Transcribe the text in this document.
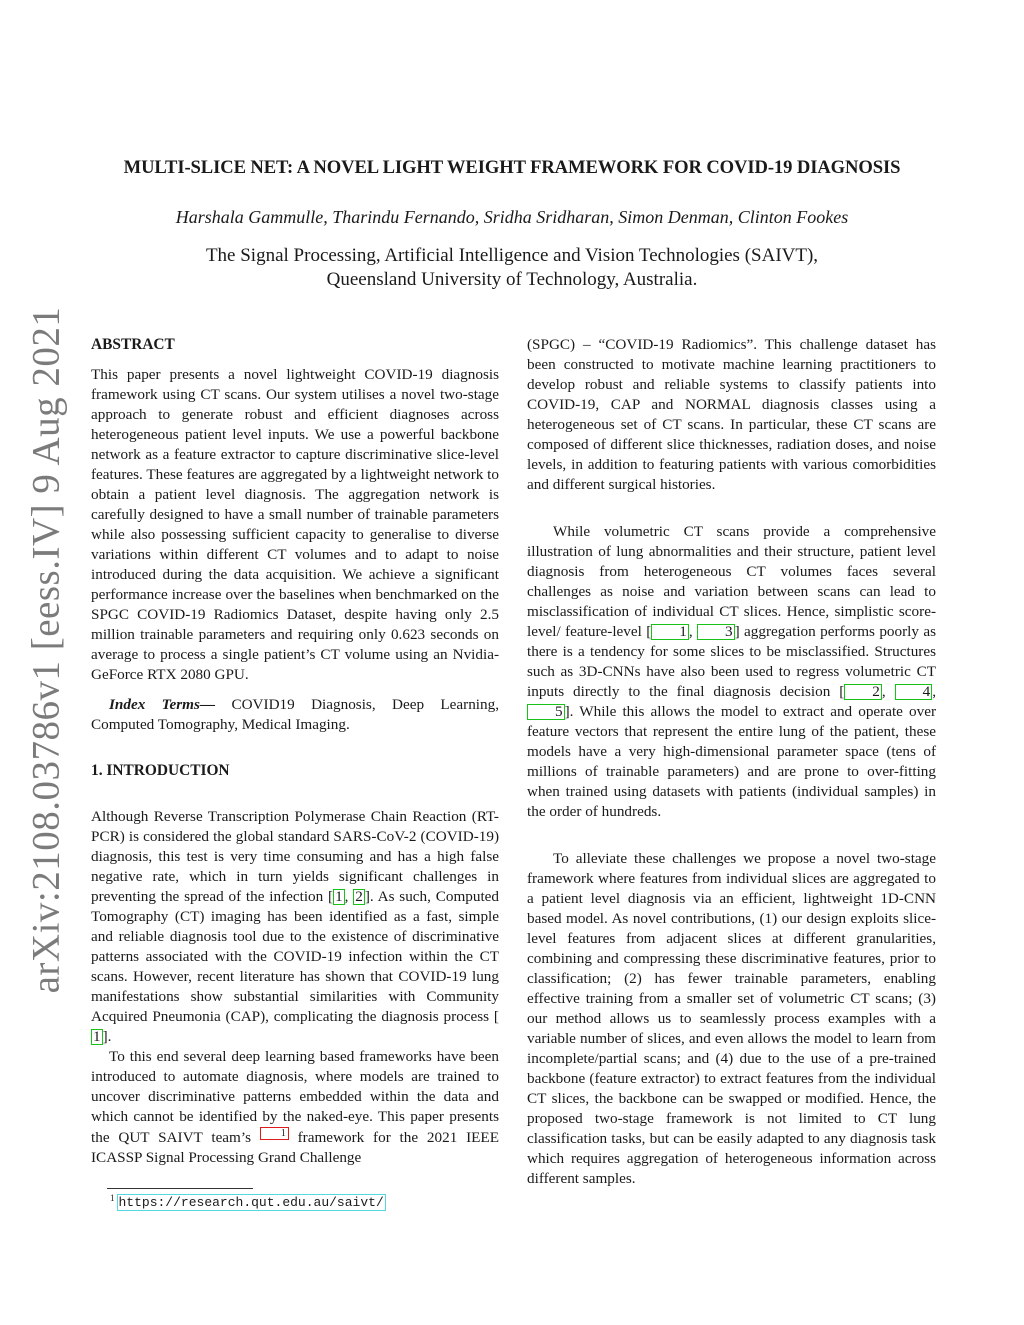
arXiv:2108.03786v1 [eess.IV] 9 Aug 2021
MULTI-SLICE NET: A NOVEL LIGHT WEIGHT FRAMEWORK FOR COVID-19 DIAGNOSIS
Harshala Gammulle, Tharindu Fernando, Sridha Sridharan, Simon Denman, Clinton Fookes
The Signal Processing, Artificial Intelligence and Vision Technologies (SAIVT),
Queensland University of Technology, Australia.

ABSTRACT

This paper presents a novel lightweight COVID-19 diagnosis framework using CT scans. Our system utilises a novel two-stage approach to generate robust and efficient diagnoses across heterogeneous patient level inputs. We use a powerful backbone network as a feature extractor to capture discriminative slice-level features. These features are aggregated by a lightweight network to obtain a patient level diagnosis. The aggregation network is carefully designed to have a small number of trainable parameters while also possessing sufficient capacity to generalise to diverse variations within different CT volumes and to adapt to noise introduced during the data acquisition. We achieve a significant performance increase over the baselines when benchmarked on the SPGC COVID-19 Radiomics Dataset, despite having only 2.5 million trainable parameters and requiring only 0.623 seconds on average to process a single patient’s CT volume using an Nvidia-GeForce RTX 2080 GPU.

Index Terms— COVID19 Diagnosis, Deep Learning, Computed Tomography, Medical Imaging.

1. INTRODUCTION

Although Reverse Transcription Polymerase Chain Reaction (RT-PCR) is considered the global standard SARS-CoV-2 (COVID-19) diagnosis, this test is very time consuming and has a high false negative rate, which in turn yields significant challenges in preventing the spread of the infection [ 1 , 2 ]. As such, Computed Tomography (CT) imaging has been identified as a fast, simple and reliable diagnosis tool due to the existence of discriminative patterns associated with the COVID-19 infection within the CT scans. However, recent literature has shown that COVID-19 lung manifestations show substantial similarities with Community Acquired Pneumonia (CAP), complicating the diagnosis process [1 ].

To this end several deep learning based frameworks have been introduced to automate diagnosis, where models are trained to uncover discriminative patterns embedded within the data and which cannot be identified by the naked-eye. This paper presents the QUT SAIVT team’s 1 framework for the 2021 IEEE ICASSP Signal Processing Grand Challenge

$^1$ https://research.qut.edu.au/saivt/

(SPGC) – “COVID-19 Radiomics”. This challenge dataset has been constructed to motivate machine learning practitioners to develop robust and reliable systems to classify patients into COVID-19, CAP and NORMAL diagnosis classes using a heterogeneous set of CT scans. In particular, these CT scans are composed of different slice thicknesses, radiation doses, and noise levels, in addition to featuring patients with various comorbidities and different surgical histories.

While volumetric CT scans provide a comprehensive illustration of lung abnormalities and their structure, patient level diagnosis from heterogeneous CT volumes faces several challenges as noise and variation between scans can lead to misclassification of individual CT slices. Hence, simplistic score-level/ feature-level [ 1 , 3 ] aggregation performs poorly as there is a tendency for some slices to be misclassified. Structures such as 3D-CNNs have also been used to regress volumetric CT inputs directly to the final diagnosis decision [ 2 , 4 , 5 ]. While this allows the model to extract and operate over feature vectors that represent the entire lung of the patient, these models have a very high-dimensional parameter space (tens of millions of trainable parameters) and are prone to over-fitting when trained using datasets with patients (individual samples) in the order of hundreds.

To alleviate these challenges we propose a novel two-stage framework where features from individual slices are aggregated to a patient level diagnosis via an efficient, lightweight 1D-CNN based model. As novel contributions, (1) our design exploits slice-level features from adjacent slices at different granularities, combining and compressing these discriminative features, prior to classification; (2) has fewer trainable parameters, enabling effective training from a smaller set of volumetric CT scans; (3) our method allows us to seamlessly process examples with a variable number of slices, and even allows the model to learn from incomplete/partial scans; and (4) due to the use of a pre-trained backbone (feature extractor) to extract features from the individual CT slices, the backbone can be swapped or modified. Hence, the proposed two-stage framework is not limited to CT lung classification tasks, but can be easily adapted to any diagnosis task which requires aggregation of heterogeneous information across different samples.
